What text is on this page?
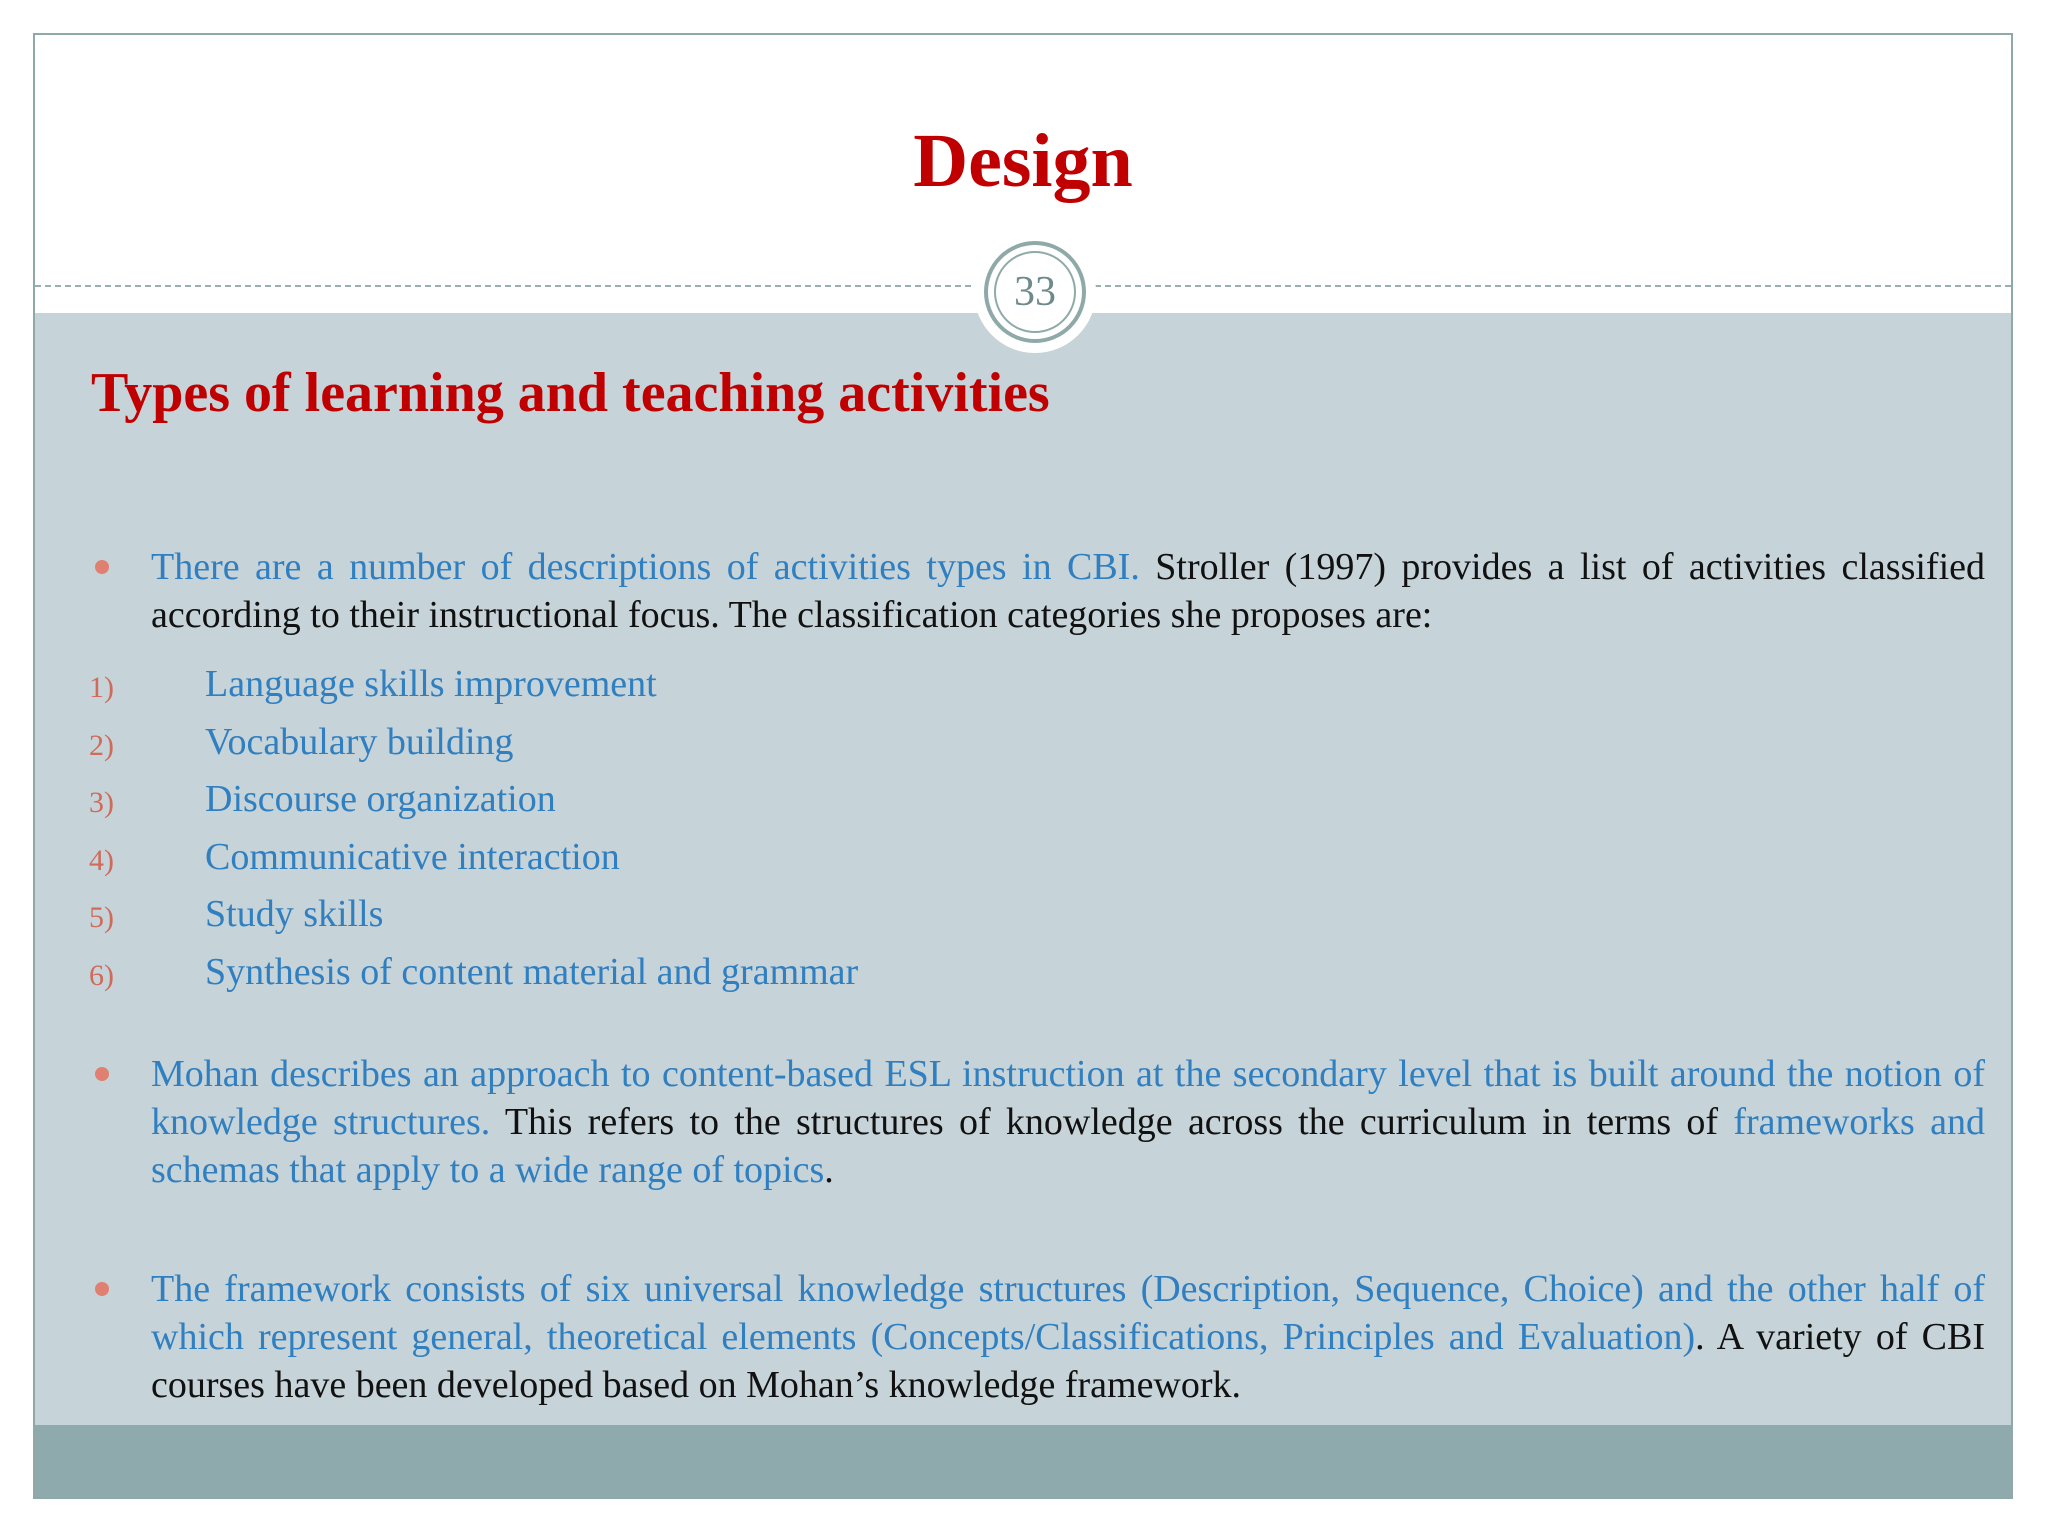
Design
33
Types of learning and teaching activities
There are a number of descriptions of activities types in CBI. Stroller (1997) provides a list of activities classified according to their instructional focus. The classification categories she proposes are:
1) Language skills improvement
2) Vocabulary building
3) Discourse organization
4) Communicative interaction
5) Study skills
6) Synthesis of content material and grammar
Mohan describes an approach to content-based ESL instruction at the secondary level that is built around the notion of knowledge structures. This refers to the structures of knowledge across the curriculum in terms of frameworks and schemas that apply to a wide range of topics.
The framework consists of six universal knowledge structures (Description, Sequence, Choice) and the other half of which represent general, theoretical elements (Concepts/Classifications, Principles and Evaluation). A variety of CBI courses have been developed based on Mohan’s knowledge framework.
